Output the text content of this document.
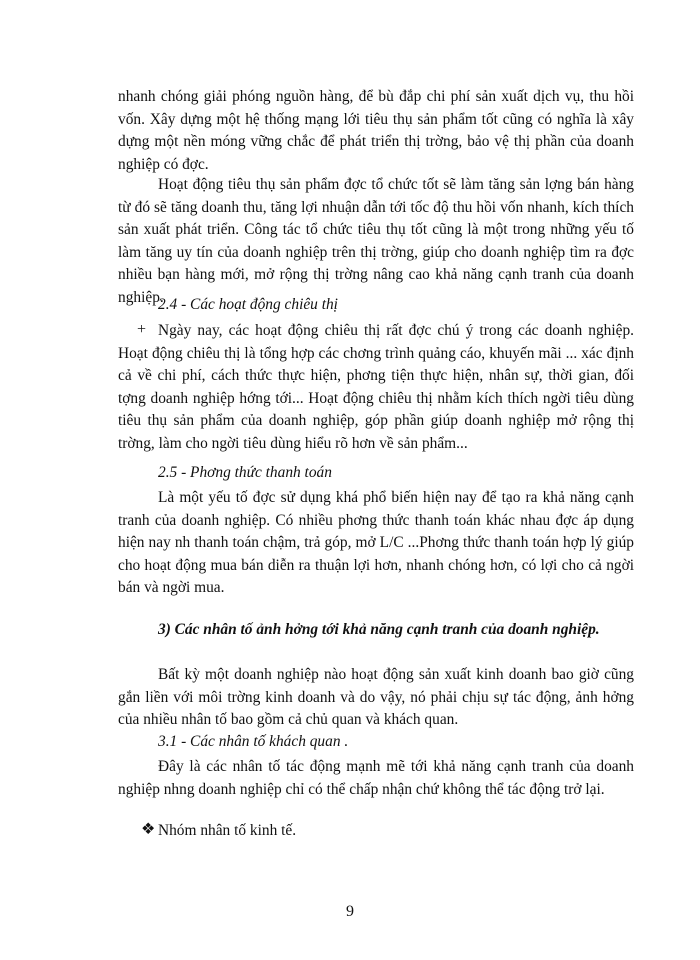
nhanh chóng giải phóng nguồn hàng, để bù đắp chi phí sản xuất dịch vụ, thu hồi vốn. Xây dựng một hệ thống mạng lới tiêu thụ sản phẩm tốt cũng có nghĩa là xây dựng một nền móng vững chắc để phát triển thị trờng, bảo vệ thị phần của doanh nghiệp có đợc.

Hoạt động tiêu thụ sản phẩm đợc tổ chức tốt sẽ làm tăng sản lợng bán hàng từ đó sẽ tăng doanh thu, tăng lợi nhuận dẫn tới tốc độ thu hồi vốn nhanh, kích thích sản xuất phát triển. Công tác tổ chức tiêu thụ tốt cũng là một trong những yếu tố làm tăng uy tín của doanh nghiệp trên thị trờng, giúp cho doanh nghiệp tìm ra đợc nhiều bạn hàng mới, mở rộng thị trờng nâng cao khả năng cạnh tranh của doanh nghiệp.

2.4 - Các hoạt động chiêu thị

+ Ngày nay, các hoạt động chiêu thị rất đợc chú ý trong các doanh nghiệp. Hoạt động chiêu thị là tổng hợp các chơng trình quảng cáo, khuyến mãi ... xác định cả về chi phí, cách thức thực hiện, phơng tiện thực hiện, nhân sự, thời gian, đối tợng doanh nghiệp hớng tới... Hoạt động chiêu thị nhằm kích thích ngời tiêu dùng tiêu thụ sản phẩm của doanh nghiệp, góp phần giúp doanh nghiệp mở rộng thị trờng, làm cho ngời tiêu dùng hiểu rõ hơn về sản phẩm...

2.5 - Phơng thức thanh toán

Là một yếu tố đợc sử dụng khá phổ biến hiện nay để tạo ra khả năng cạnh tranh của doanh nghiệp. Có nhiều phơng thức thanh toán khác nhau đợc áp dụng hiện nay nh thanh toán chậm, trả góp, mở L/C ...Phơng thức thanh toán hợp lý giúp cho hoạt động mua bán diễn ra thuận lợi hơn, nhanh chóng hơn, có lợi cho cả ngời bán và ngời mua.

3) Các nhân tố ảnh hởng tới khả năng cạnh tranh của doanh nghiệp.

Bất kỳ một doanh nghiệp nào hoạt động sản xuất kinh doanh bao giờ cũng gắn liền với môi trờng kinh doanh và do vậy, nó phải chịu sự tác động, ảnh hởng của nhiều nhân tố bao gồm cả chủ quan và khách quan.

3.1 - Các nhân tố khách quan .

Đây là các nhân tố tác động mạnh mẽ tới khả năng cạnh tranh của doanh nghiệp nhng doanh nghiệp chỉ có thể chấp nhận chứ không thể tác động trở lại.

❖ Nhóm nhân tố kinh tế.

9
